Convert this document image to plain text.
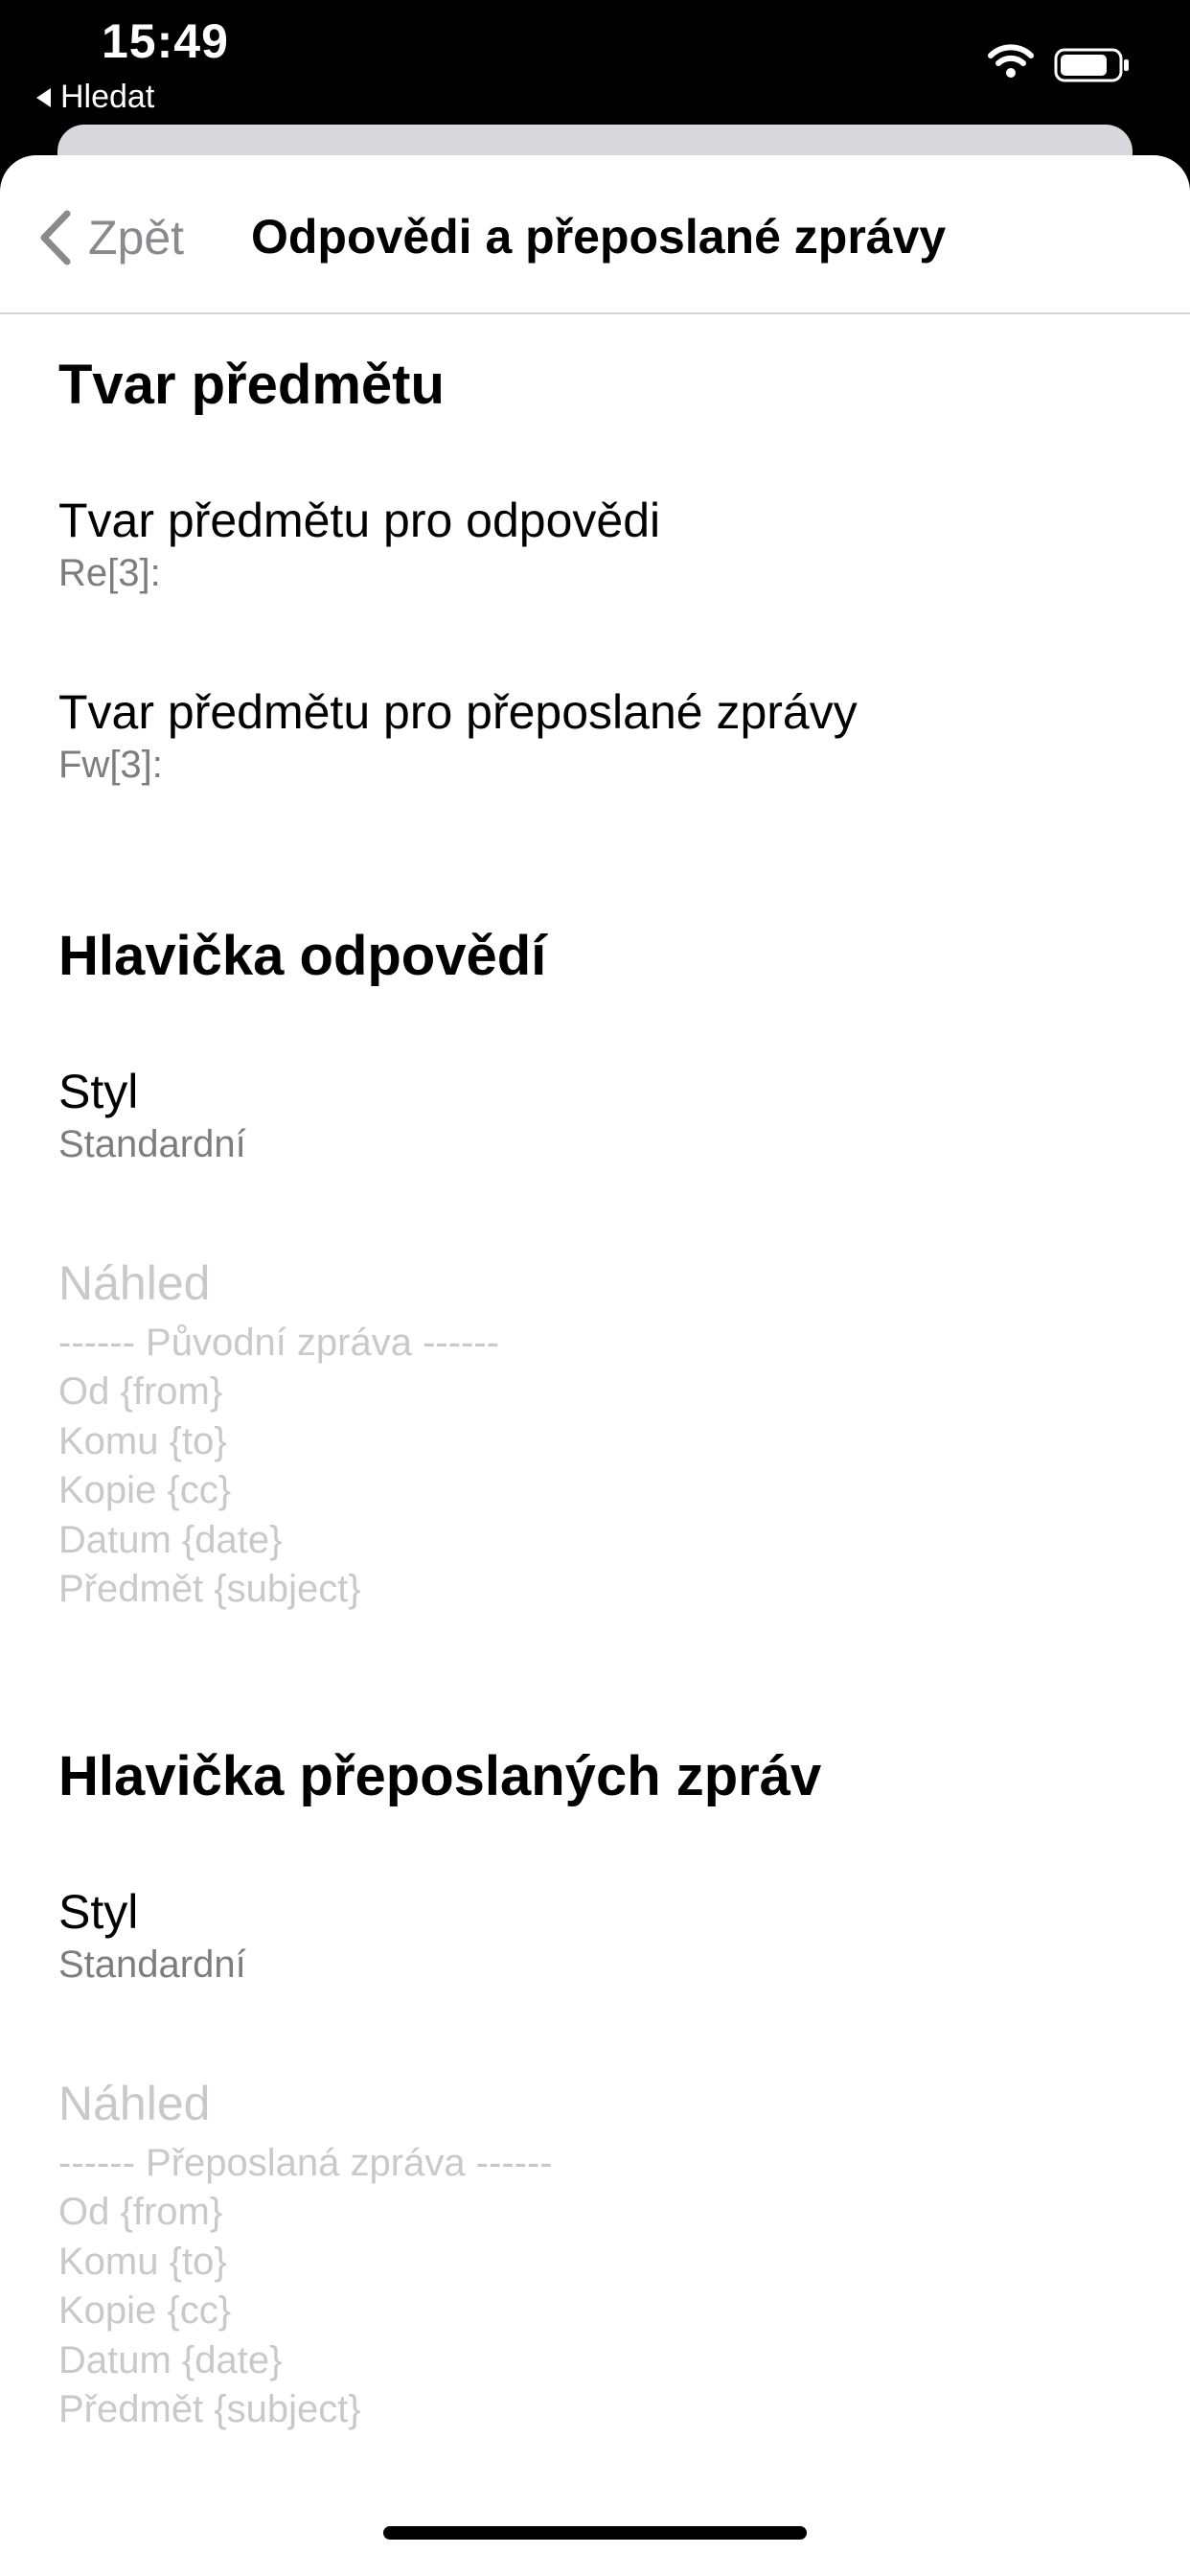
15:49
Hledat
Zpět Odpovědi a přeposlané zprávy
Tvar předmětu
Tvar předmětu pro odpovědi
Re[3]:
Tvar předmětu pro přeposlané zprávy
Fw[3]:
Hlavička odpovědí
Styl
Standardní
Náhled
------ Původní zpráva ------
Od {from}
Komu {to}
Kopie {cc}
Datum {date}
Předmět {subject}
Hlavička přeposlaných zpráv
Styl
Standardní
Náhled
------ Přeposlaná zpráva ------
Od {from}
Komu {to}
Kopie {cc}
Datum {date}
Předmět {subject}
